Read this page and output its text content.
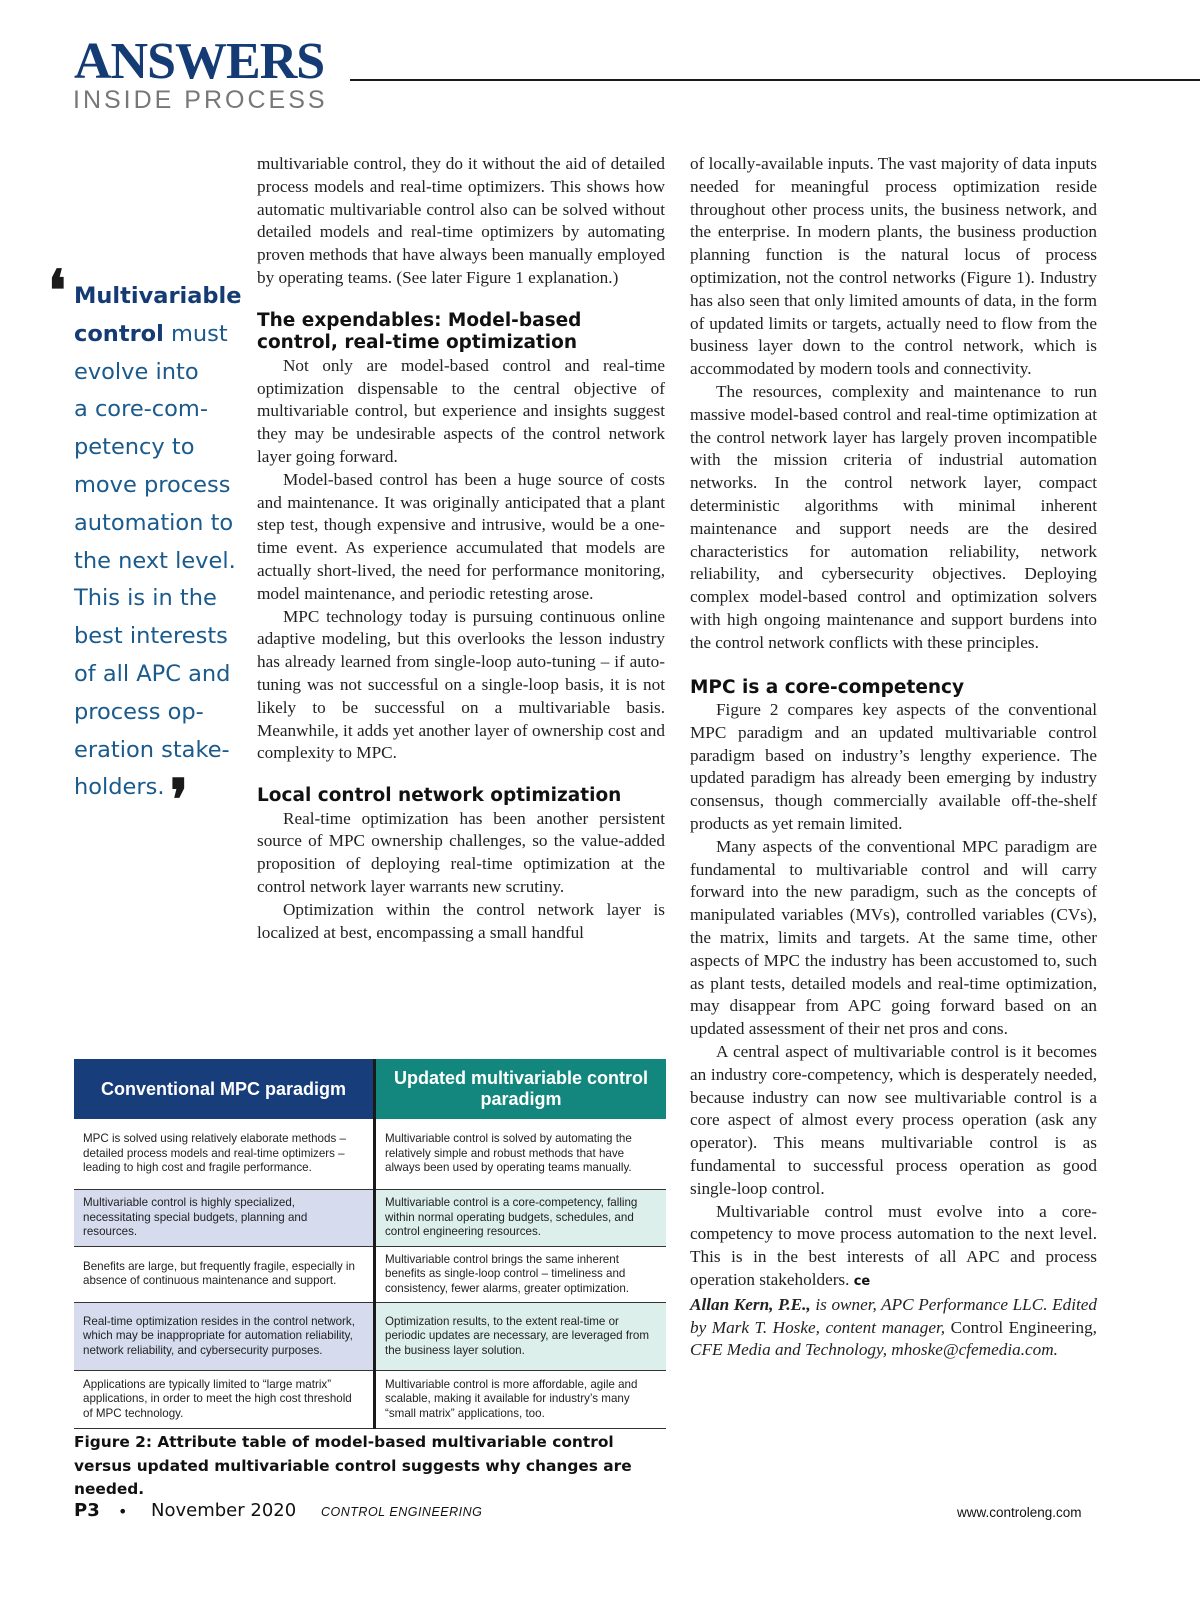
ANSWERS
INSIDE PROCESS
❛ Multivariable
control must
evolve into
a core-com-
petency to
move process
automation to
the next level.
This is in the
best interests
of all APC and
process op-
eration stake-
holders. ❜

multivariable control, they do it without the aid of detailed process models and real-time optimizers. This shows how automatic multivariable control also can be solved without detailed models and real-time optimizers by automating proven methods that have always been manually employed by operating teams. (See later Figure 1 explanation.)

The expendables: Model-based control, real-time optimization

Not only are model-based control and real-time optimization dispensable to the central objective of multivariable control, but experience and insights suggest they may be undesirable aspects of the control network layer going forward.

Model-based control has been a huge source of costs and maintenance. It was originally anticipated that a plant step test, though expensive and intrusive, would be a one-time event. As experience accumulated that models are actually short-lived, the need for performance monitoring, model maintenance, and periodic retesting arose.

MPC technology today is pursuing continuous online adaptive modeling, but this overlooks the lesson industry has already learned from single-loop auto-tuning – if auto-tuning was not successful on a single-loop basis, it is not likely to be successful on a multivariable basis. Meanwhile, it adds yet another layer of ownership cost and complexity to MPC.

Local control network optimization

Real-time optimization has been another persistent source of MPC ownership challenges, so the value-added proposition of deploying real-time optimization at the control network layer warrants new scrutiny.

Optimization within the control network layer is localized at best, encompassing a small handful

of locally-available inputs. The vast majority of data inputs needed for meaningful process optimization reside throughout other process units, the business network, and the enterprise. In modern plants, the business production planning function is the natural locus of process optimization, not the control networks (Figure 1). Industry has also seen that only limited amounts of data, in the form of updated limits or targets, actually need to flow from the business layer down to the control network, which is accommodated by modern tools and connectivity.

The resources, complexity and maintenance to run massive model-based control and real-time optimization at the control network layer has largely proven incompatible with the mission criteria of industrial automation networks. In the control network layer, compact deterministic algorithms with minimal inherent maintenance and support needs are the desired characteristics for automation reliability, network reliability, and cybersecurity objectives. Deploying complex model-based control and optimization solvers with high ongoing maintenance and support burdens into the control network conflicts with these principles.

MPC is a core-competency

Figure 2 compares key aspects of the conventional MPC paradigm and an updated multivariable control paradigm based on industry’s lengthy experience. The updated paradigm has already been emerging by industry consensus, though commercially available off-the-shelf products as yet remain limited.

Many aspects of the conventional MPC paradigm are fundamental to multivariable control and will carry forward into the new paradigm, such as the concepts of manipulated variables (MVs), controlled variables (CVs), the matrix, limits and targets. At the same time, other aspects of MPC the industry has been accustomed to, such as plant tests, detailed models and real-time optimization, may disappear from APC going forward based on an updated assessment of their net pros and cons.

A central aspect of multivariable control is it becomes an industry core-competency, which is desperately needed, because industry can now see multivariable control is a core aspect of almost every process operation (ask any operator). This means multivariable control is as fundamental to successful process operation as good single-loop control.

Multivariable control must evolve into a core-competency to move process automation to the next level. This is in the best interests of all APC and process operation stakeholders. ce

Allan Kern, P.E., is owner, APC Performance LLC. Edited by Mark T. Hoske, content manager, Control Engineering, CFE Media and Technology, mhoske@cfemedia.com.

Conventional MPC paradigm	Updated multivariable control paradigm
MPC is solved using relatively elaborate methods – detailed process models and real-time optimizers – leading to high cost and fragile performance.	Multivariable control is solved by automating the relatively simple and robust methods that have always been used by operating teams manually.
Multivariable control is highly specialized, necessitating special budgets, planning and resources.	Multivariable control is a core-competency, falling within normal operating budgets, schedules, and control engineering resources.
Benefits are large, but frequently fragile, especially in absence of continuous maintenance and support.	Multivariable control brings the same inherent benefits as single-loop control – timeliness and consistency, fewer alarms, greater optimization.
Real-time optimization resides in the control network, which may be inappropriate for automation reliability, network reliability, and cybersecurity purposes.	Optimization results, to the extent real-time or periodic updates are necessary, are leveraged from the business layer solution.
Applications are typically limited to “large matrix” applications, in order to meet the high cost threshold of MPC technology.	Multivariable control is more affordable, agile and scalable, making it available for industry’s many “small matrix” applications, too.
Figure 2: Attribute table of model-based multivariable control versus updated multivariable control suggests why changes are needed.
P3 • November 2020 CONTROL ENGINEERING	www.controleng.com
